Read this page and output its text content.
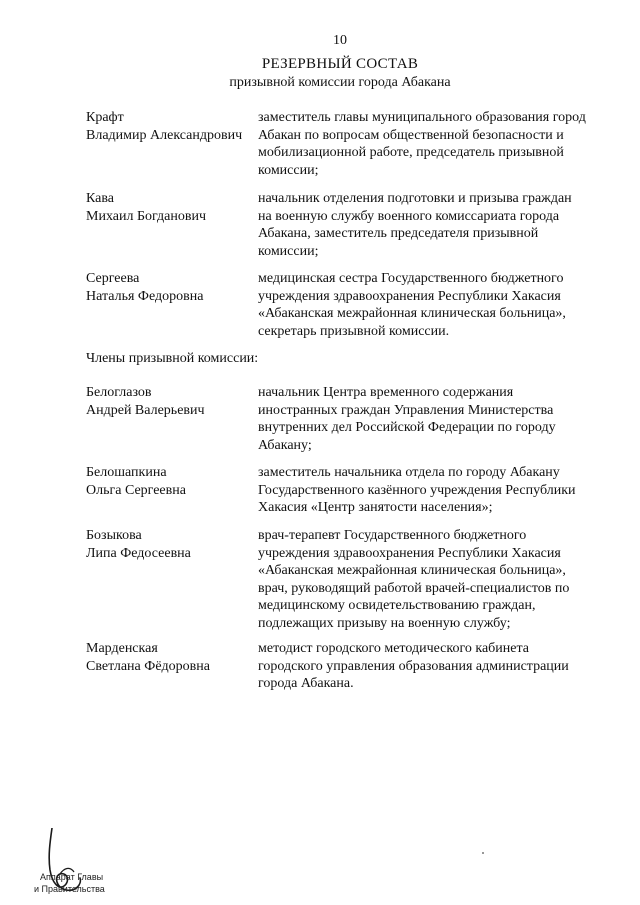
10
РЕЗЕРВНЫЙ СОСТАВ
призывной комиссии города Абакана
Крафт
Владимир Александрович
заместитель главы муниципального образования город
Абакан по вопросам общественной безопасности и
мобилизационной работе, председатель призывной
комиссии;
Кава
Михаил Богданович
начальник отделения подготовки и призыва граждан
на военную службу военного комиссариата города
Абакана, заместитель председателя призывной
комиссии;
Сергеева
Наталья Федоровна
медицинская сестра Государственного бюджетного
учреждения здравоохранения Республики Хакасия
«Абаканская межрайонная клиническая больница»,
секретарь призывной комиссии.
Члены призывной комиссии:
Белоглазов
Андрей Валерьевич
начальник Центра временного содержания
иностранных граждан Управления Министерства
внутренних дел Российской Федерации по городу
Абакану;
Белошапкина
Ольга Сергеевна
заместитель начальника отдела по городу Абакану
Государственного казённого учреждения Республики
Хакасия «Центр занятости населения»;
Бозыкова
Липа Федосеевна
врач-терапевт Государственного бюджетного
учреждения здравоохранения Республики Хакасия
«Абаканская межрайонная клиническая больница»,
врач, руководящий работой врачей-специалистов по
медицинскому освидетельствованию граждан,
подлежащих призыву на военную службу;
Марденская
Светлана Фёдоровна
методист городского методического кабинета
городского управления образования администрации
города Абакана.
Аппарат Главы
и Правительства
